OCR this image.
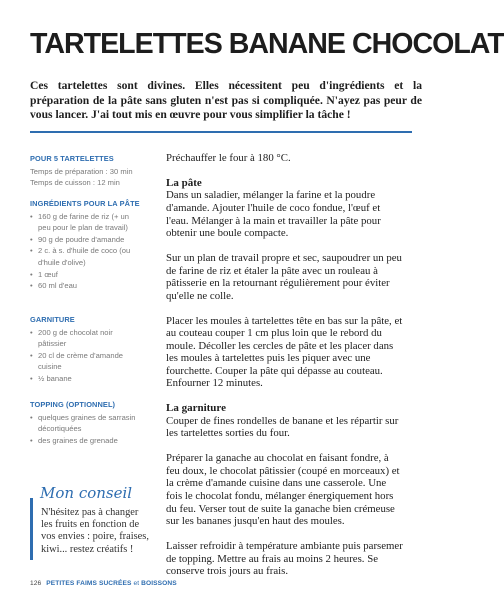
TARTELETTES BANANE CHOCOLAT

Ces tartelettes sont divines. Elles nécessitent peu d'ingrédients et la préparation de la pâte sans gluten n'est pas si compliquée. N'ayez pas peur de vous lancer. J'ai tout mis en œuvre pour vous simplifier la tâche !

POUR 5 TARTELETTES
Temps de préparation : 30 min
Temps de cuisson : 12 min
INGRÉDIENTS POUR LA PÂTE
• 160 g de farine de riz (+ un peu pour le plan de travail)
• 90 g de poudre d'amande
• 2 c. à s. d'huile de coco (ou d'huile d'olive)
• 1 œuf
• 60 ml d'eau
GARNITURE
• 200 g de chocolat noir pâtissier
• 20 cl de crème d'amande cuisine
• ½ banane
TOPPING (OPTIONNEL)
• quelques graines de sarrasin décortiquées
• des graines de grenade
Mon conseil
N'hésitez pas à changer les fruits en fonction de vos envies : poire, fraises, kiwi... restez créatifs !

Préchauffer le four à 180 °C.

La pâte

Dans un saladier, mélanger la farine et la poudre d'amande. Ajouter l'huile de coco fondue, l'œuf et l'eau. Mélanger à la main et travailler la pâte pour obtenir une boule compacte.

Sur un plan de travail propre et sec, saupoudrer un peu de farine de riz et étaler la pâte avec un rouleau à pâtisserie en la retournant régulièrement pour éviter qu'elle ne colle.

Placer les moules à tartelettes tête en bas sur la pâte, et au couteau couper 1 cm plus loin que le rebord du moule. Décoller les cercles de pâte et les placer dans les moules à tartelettes puis les piquer avec une fourchette. Couper la pâte qui dépasse au couteau. Enfourner 12 minutes.

La garniture

Couper de fines rondelles de banane et les répartir sur les tartelettes sorties du four.

Préparer la ganache au chocolat en faisant fondre, à feu doux, le chocolat pâtissier (coupé en morceaux) et la crème d'amande cuisine dans une casserole. Une fois le chocolat fondu, mélanger énergiquement hors du feu. Verser tout de suite la ganache bien crémeuse sur les bananes jusqu'en haut des moules.

Laisser refroidir à température ambiante puis parsemer de topping. Mettre au frais au moins 2 heures. Se conserve trois jours au frais.

126 PETITES FAIMS SUCRÉES et BOISSONS
